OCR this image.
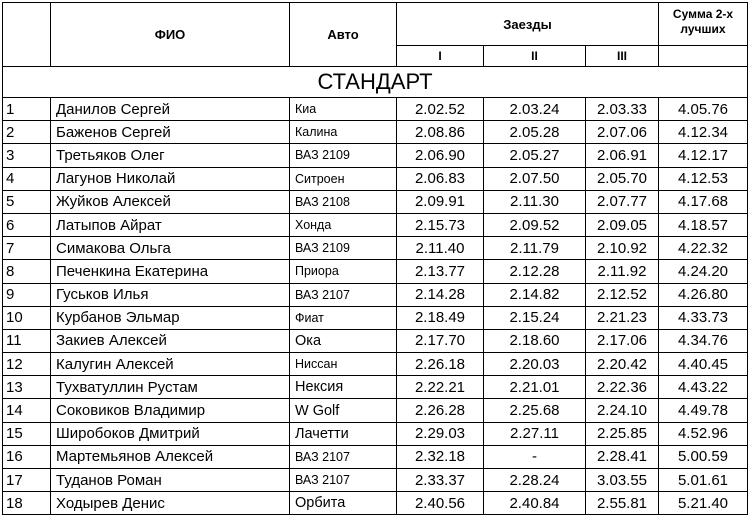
	ФИО	Авто	Заезды			Сумма 2-х лучших
			I	II	III	
СТАНДАРТ						
1	Данилов Сергей	Киа	2.02.52	2.03.24	2.03.33	4.05.76
2	Баженов Сергей	Калина	2.08.86	2.05.28	2.07.06	4.12.34
3	Третьяков Олег	ВАЗ 2109	2.06.90	2.05.27	2.06.91	4.12.17
4	Лагунов Николай	Ситроен	2.06.83	2.07.50	2.05.70	4.12.53
5	Жуйков Алексей	ВАЗ 2108	2.09.91	2.11.30	2.07.77	4.17.68
6	Латыпов Айрат	Хонда	2.15.73	2.09.52	2.09.05	4.18.57
7	Симакова Ольга	ВАЗ 2109	2.11.40	2.11.79	2.10.92	4.22.32
8	Печенкина Екатерина	Приора	2.13.77	2.12.28	2.11.92	4.24.20
9	Гуськов Илья	ВАЗ 2107	2.14.28	2.14.82	2.12.52	4.26.80
10	Курбанов Эльмар	Фиат	2.18.49	2.15.24	2.21.23	4.33.73
11	Закиев Алексей	Ока	2.17.70	2.18.60	2.17.06	4.34.76
12	Калугин Алексей	Ниссан	2.26.18	2.20.03	2.20.42	4.40.45
13	Тухватуллин Рустам	Нексия	2.22.21	2.21.01	2.22.36	4.43.22
14	Соковиков Владимир	W Golf	2.26.28	2.25.68	2.24.10	4.49.78
15	Широбоков Дмитрий	Лачетти	2.29.03	2.27.11	2.25.85	4.52.96
16	Мартемьянов Алексей	ВАЗ 2107	2.32.18	-	2.28.41	5.00.59
17	Туданов Роман	ВАЗ 2107	2.33.37	2.28.24	3.03.55	5.01.61
18	Ходырев Денис	Орбита	2.40.56	2.40.84	2.55.81	5.21.40
